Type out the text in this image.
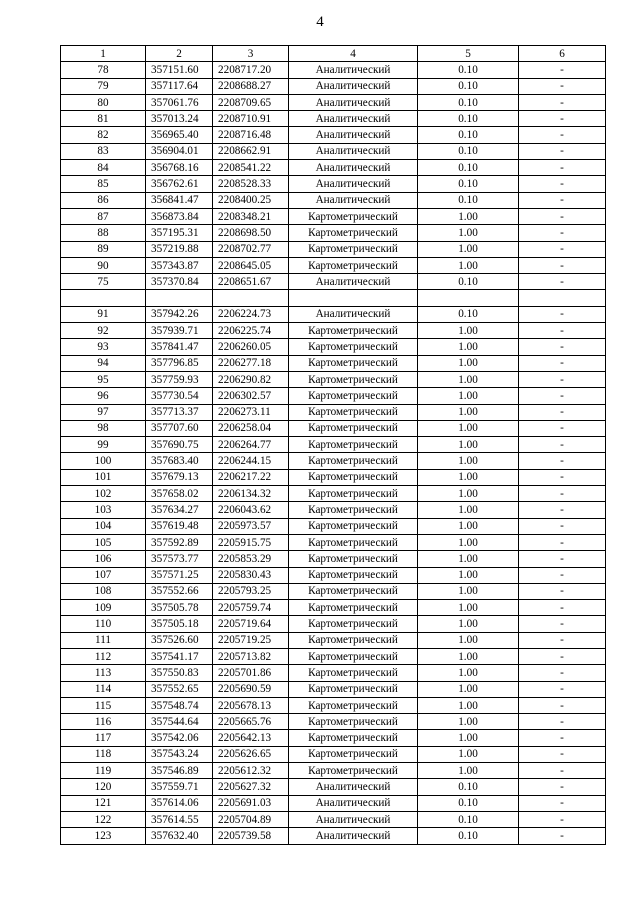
4
1	2	3	4	5	6
78	357151.60	2208717.20	Аналитический	0.10	-
79	357117.64	2208688.27	Аналитический	0.10	-
80	357061.76	2208709.65	Аналитический	0.10	-
81	357013.24	2208710.91	Аналитический	0.10	-
82	356965.40	2208716.48	Аналитический	0.10	-
83	356904.01	2208662.91	Аналитический	0.10	-
84	356768.16	2208541.22	Аналитический	0.10	-
85	356762.61	2208528.33	Аналитический	0.10	-
86	356841.47	2208400.25	Аналитический	0.10	-
87	356873.84	2208348.21	Картометрический	1.00	-
88	357195.31	2208698.50	Картометрический	1.00	-
89	357219.88	2208702.77	Картометрический	1.00	-
90	357343.87	2208645.05	Картометрический	1.00	-
75	357370.84	2208651.67	Аналитический	0.10	-

91	357942.26	2206224.73	Аналитический	0.10	-
92	357939.71	2206225.74	Картометрический	1.00	-
93	357841.47	2206260.05	Картометрический	1.00	-
94	357796.85	2206277.18	Картометрический	1.00	-
95	357759.93	2206290.82	Картометрический	1.00	-
96	357730.54	2206302.57	Картометрический	1.00	-
97	357713.37	2206273.11	Картометрический	1.00	-
98	357707.60	2206258.04	Картометрический	1.00	-
99	357690.75	2206264.77	Картометрический	1.00	-
100	357683.40	2206244.15	Картометрический	1.00	-
101	357679.13	2206217.22	Картометрический	1.00	-
102	357658.02	2206134.32	Картометрический	1.00	-
103	357634.27	2206043.62	Картометрический	1.00	-
104	357619.48	2205973.57	Картометрический	1.00	-
105	357592.89	2205915.75	Картометрический	1.00	-
106	357573.77	2205853.29	Картометрический	1.00	-
107	357571.25	2205830.43	Картометрический	1.00	-
108	357552.66	2205793.25	Картометрический	1.00	-
109	357505.78	2205759.74	Картометрический	1.00	-
110	357505.18	2205719.64	Картометрический	1.00	-
111	357526.60	2205719.25	Картометрический	1.00	-
112	357541.17	2205713.82	Картометрический	1.00	-
113	357550.83	2205701.86	Картометрический	1.00	-
114	357552.65	2205690.59	Картометрический	1.00	-
115	357548.74	2205678.13	Картометрический	1.00	-
116	357544.64	2205665.76	Картометрический	1.00	-
117	357542.06	2205642.13	Картометрический	1.00	-
118	357543.24	2205626.65	Картометрический	1.00	-
119	357546.89	2205612.32	Картометрический	1.00	-
120	357559.71	2205627.32	Аналитический	0.10	-
121	357614.06	2205691.03	Аналитический	0.10	-
122	357614.55	2205704.89	Аналитический	0.10	-
123	357632.40	2205739.58	Аналитический	0.10	-
